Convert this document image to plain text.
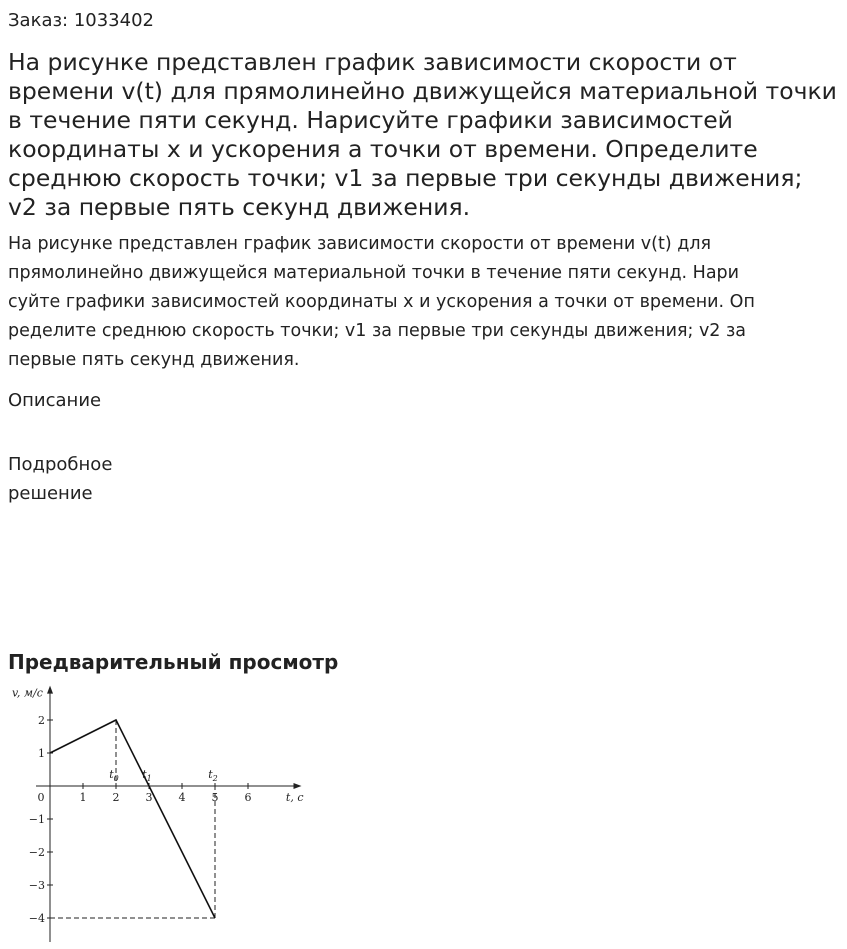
Заказ: 1033402
На рисунке представлен график зависимости скорости от времени v(t) для прямолинейно движущейся материальной точки в течение пяти секунд. Нарисуйте графики зависимостей координаты x и ускорения a точки от времени. Определите среднюю скорость точки; v1 за первые три секунды движения; v2 за первые пять секунд движения.
На рисунке представлен график зависимости скорости от времени v(t) для
прямолинейно движущейся материальной точки в течение пяти секунд. Нари
суйте графики зависимостей координаты x и ускорения a точки от времени. Оп
ределите среднюю скорость точки; v1 за первые три секунды движения; v2 за
первые пять секунд движения.
Описание
Подробное решение
Предварительный просмотр
0	1 2 3 4 5 6
2
1
−1
−2
−3
−4
t, с
v, м/с
$t_0$ $t_1$	$t_2$
